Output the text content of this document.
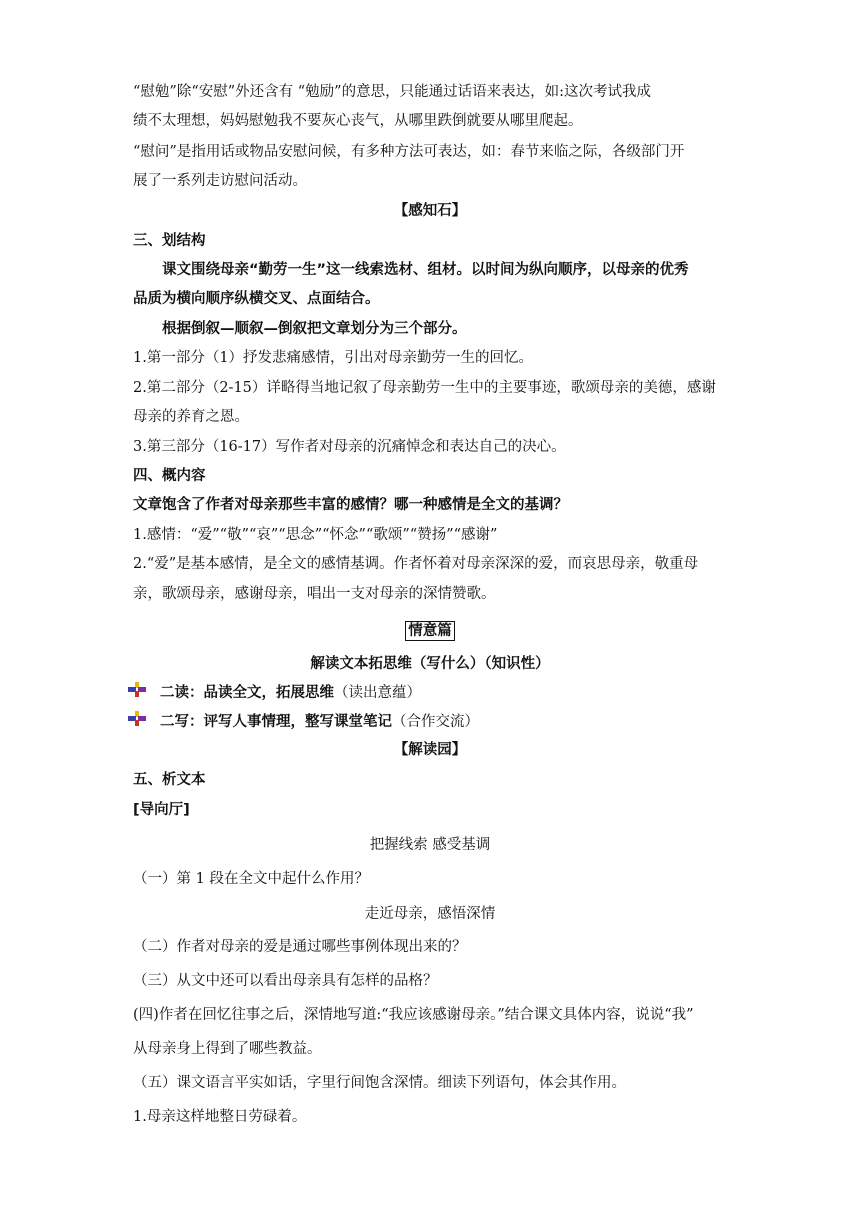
“慰勉”除“安慰”外还含有 “勉励”的意思，只能通过话语来表达，如:这次考试我成
绩不太理想，妈妈慰勉我不要灰心丧气，从哪里跌倒就要从哪里爬起。
“慰问”是指用话或物品安慰问候，有多种方法可表达，如：春节来临之际，各级部门开
展了一系列走访慰问活动。
【感知石】
三、划结构
课文围绕母亲“勤劳一生”这一线索选材、组材。以时间为纵向顺序，以母亲的优秀
品质为横向顺序纵横交叉、点面结合。
根据倒叙—顺叙—倒叙把文章划分为三个部分。
1.第一部分（1）抒发悲痛感情，引出对母亲勤劳一生的回忆。
2.第二部分（2-15）详略得当地记叙了母亲勤劳一生中的主要事迹，歌颂母亲的美德，感谢
母亲的养育之恩。
3.第三部分（16-17）写作者对母亲的沉痛悼念和表达自己的决心。
四、概内容
文章饱含了作者对母亲那些丰富的感情？哪一种感情是全文的基调？
1.感情：“爱”“敬”“哀”“思念”“怀念”“歌颂”“赞扬”“感谢”
2.“爱”是基本感情，是全文的感情基调。作者怀着对母亲深深的爱，而哀思母亲，敬重母
亲，歌颂母亲，感谢母亲，唱出一支对母亲的深情赞歌。
情意篇
解读文本拓思维（写什么）（知识性）
二读：品读全文，拓展思维（读出意蕴）
二写：评写人事情理，整写课堂笔记（合作交流）
【解读园】
五、析文本
[导向厅]
把握线索 感受基调
（一）第 1 段在全文中起什么作用？
走近母亲，感悟深情
（二）作者对母亲的爱是通过哪些事例体现出来的？
（三）从文中还可以看出母亲具有怎样的品格？
(四)作者在回忆往事之后，深情地写道:“我应该感谢母亲。”结合课文具体内容，说说“我”
从母亲身上得到了哪些教益。
（五）课文语言平实如话，字里行间饱含深情。细读下列语句，体会其作用。
1.母亲这样地整日劳碌着。
